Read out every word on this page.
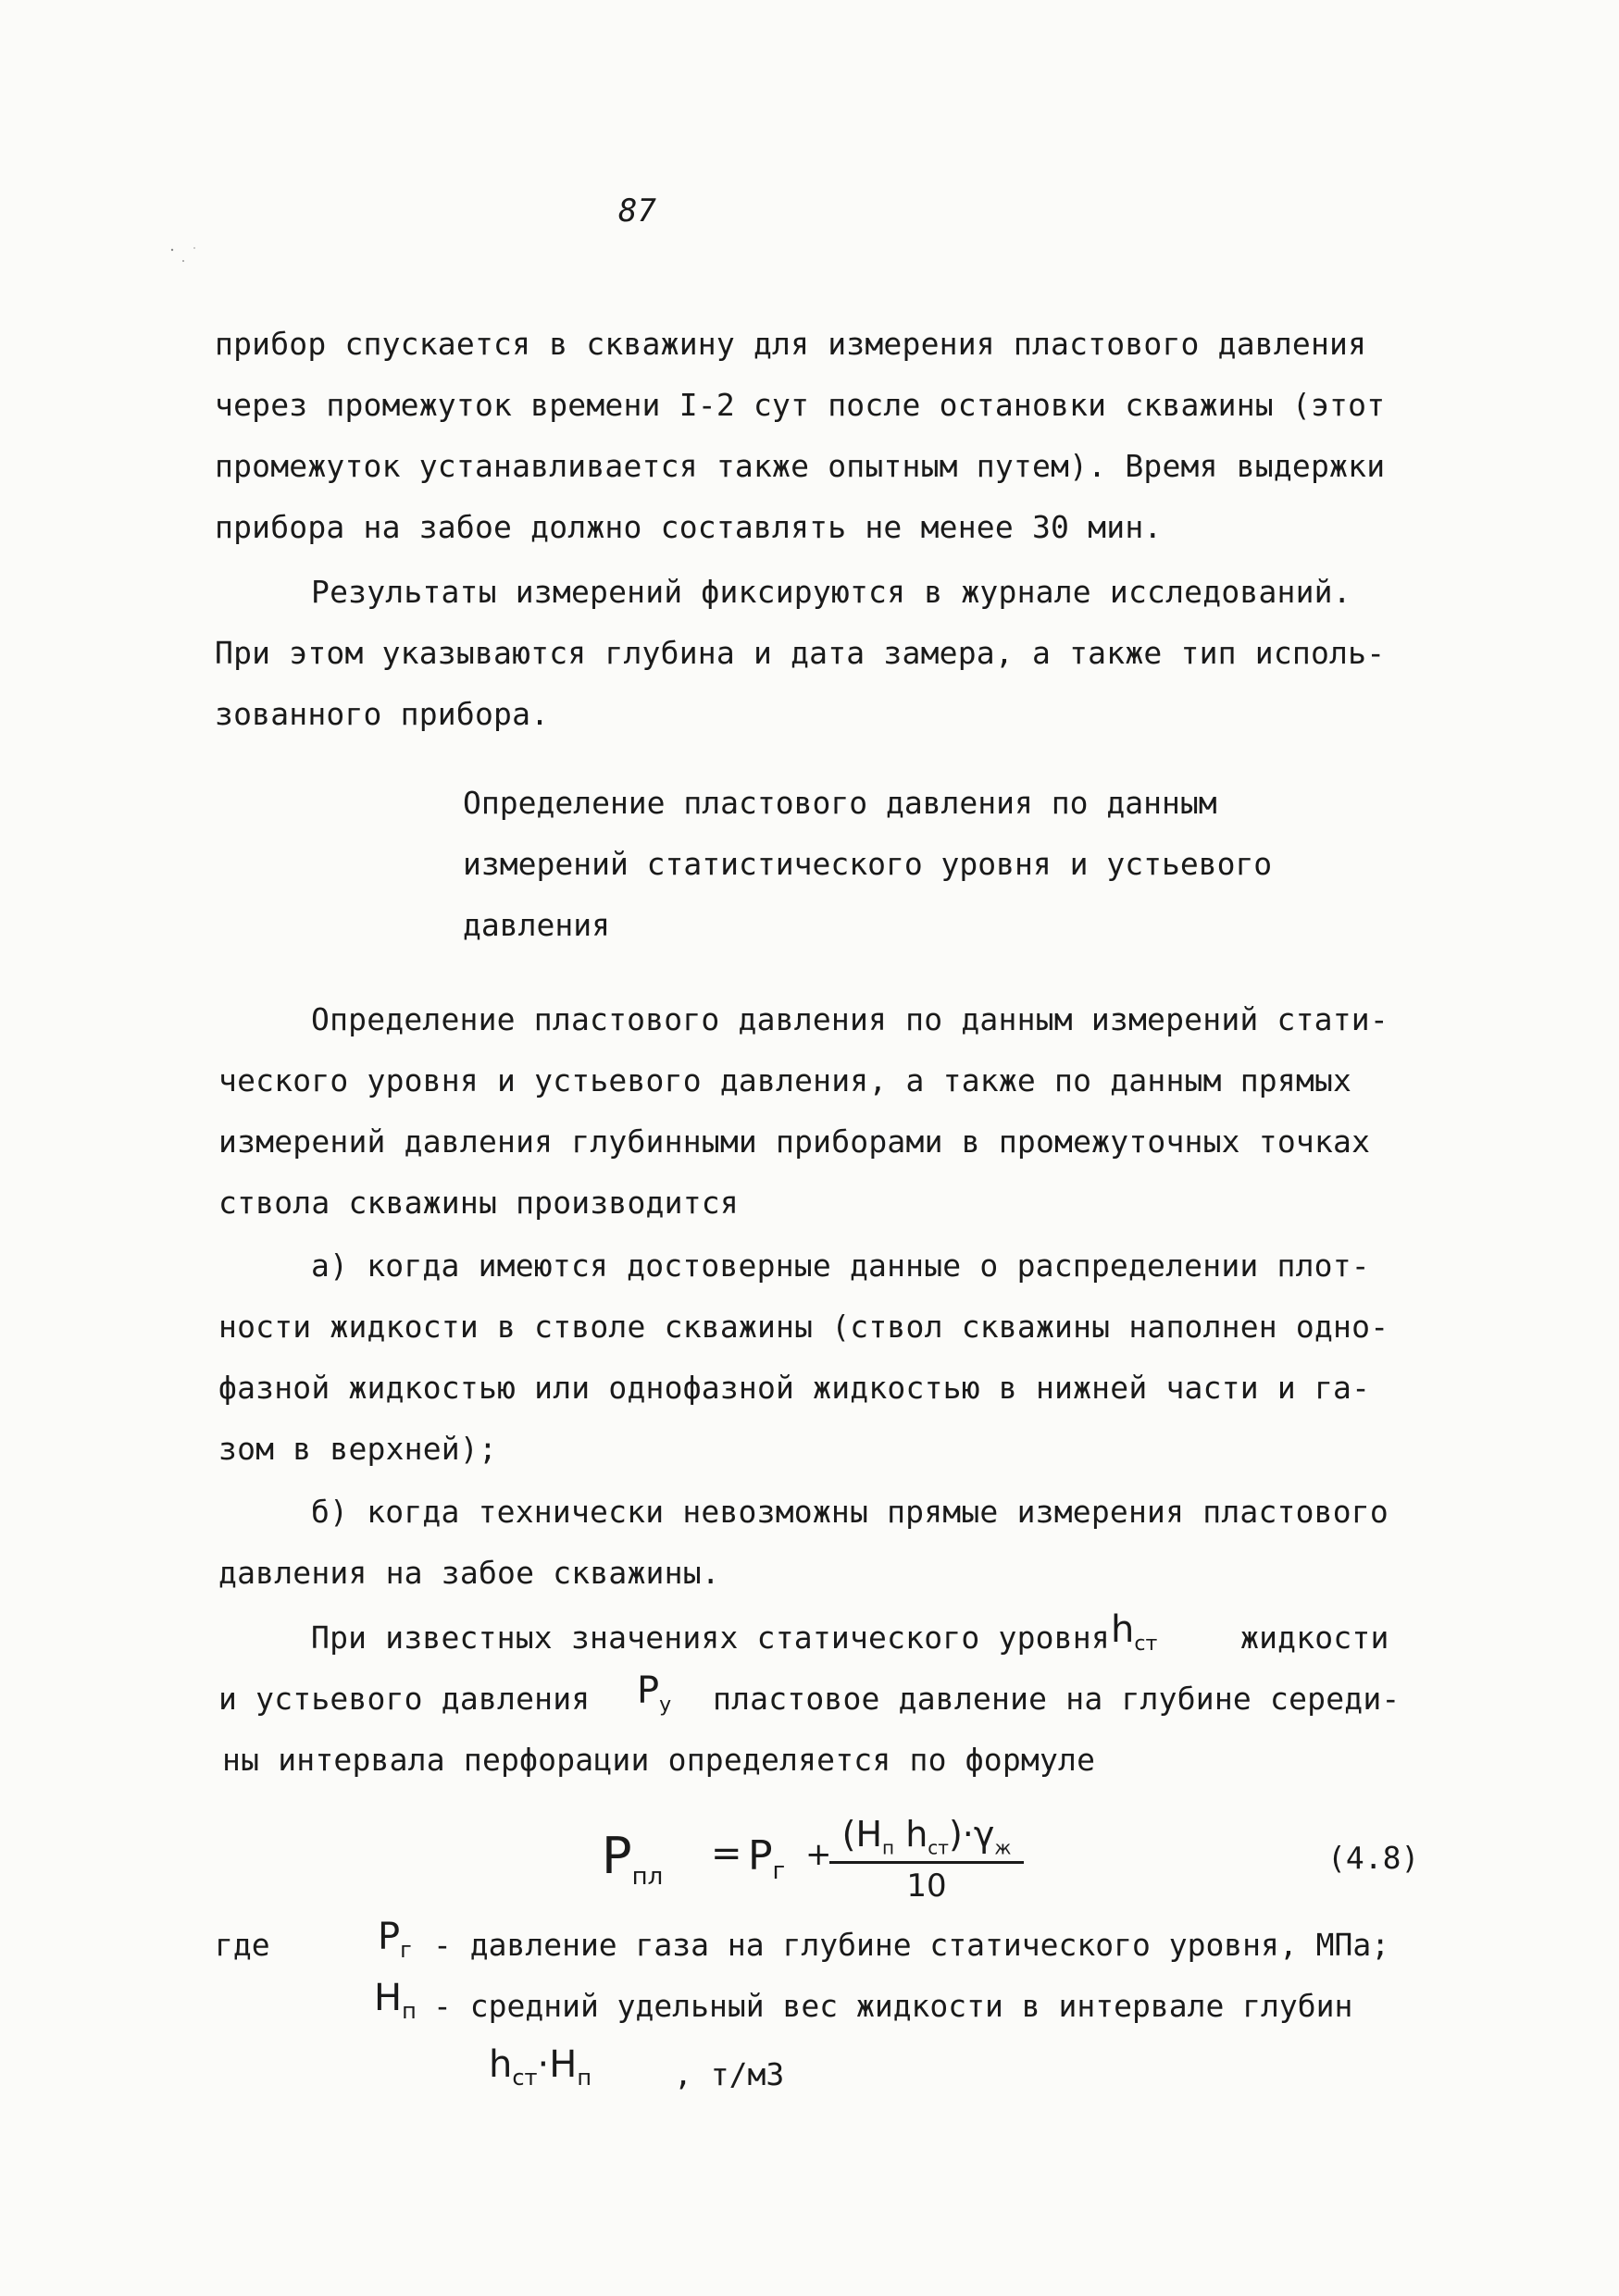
87
прибор спускается в скважину для измерения пластового давления
через промежуток времени I-2 сут после остановки скважины (этот
промежуток устанавливается также опытным путем). Время выдержки
прибора на забое должно составлять не менее 30 мин.
Результаты измерений фиксируются в журнале исследований.
При этом указываются глубина и дата замера, а также тип исполь-
зованного прибора.
Определение пластового давления по данным
измерений статистического уровня и устьевого
давления
Определение пластового давления по данным измерений стати-
ческого уровня и устьевого давления, а также по данным прямых
измерений давления глубинными приборами в промежуточных точках
ствола скважины производится
а) когда имеются достоверные данные о распределении плот-
ности жидкости в стволе скважины (ствол скважины наполнен одно-
фазной жидкостью или однофазной жидкостью в нижней части и га-
зом в верхней);
б) когда технически невозможны прямые измерения пластового
давления на забое скважины.
При известных значениях статического уровня $h_{ст}$	жидкости
и устьевого давления $P_у$ пластовое давление на глубине середи-
ны интервала перфорации определяется по формуле
$P_{пл}$
= $P_г + (H_п$ $h_{ст})\cdot\gamma_ж$
10
(4.8)
где	$P_г$ - давление газа на глубине статического уровня, МПа;
$H_п$ - средний удельный вес жидкости в интервале глубин
$h_{ст}\cdot H_п$	, т/м3
